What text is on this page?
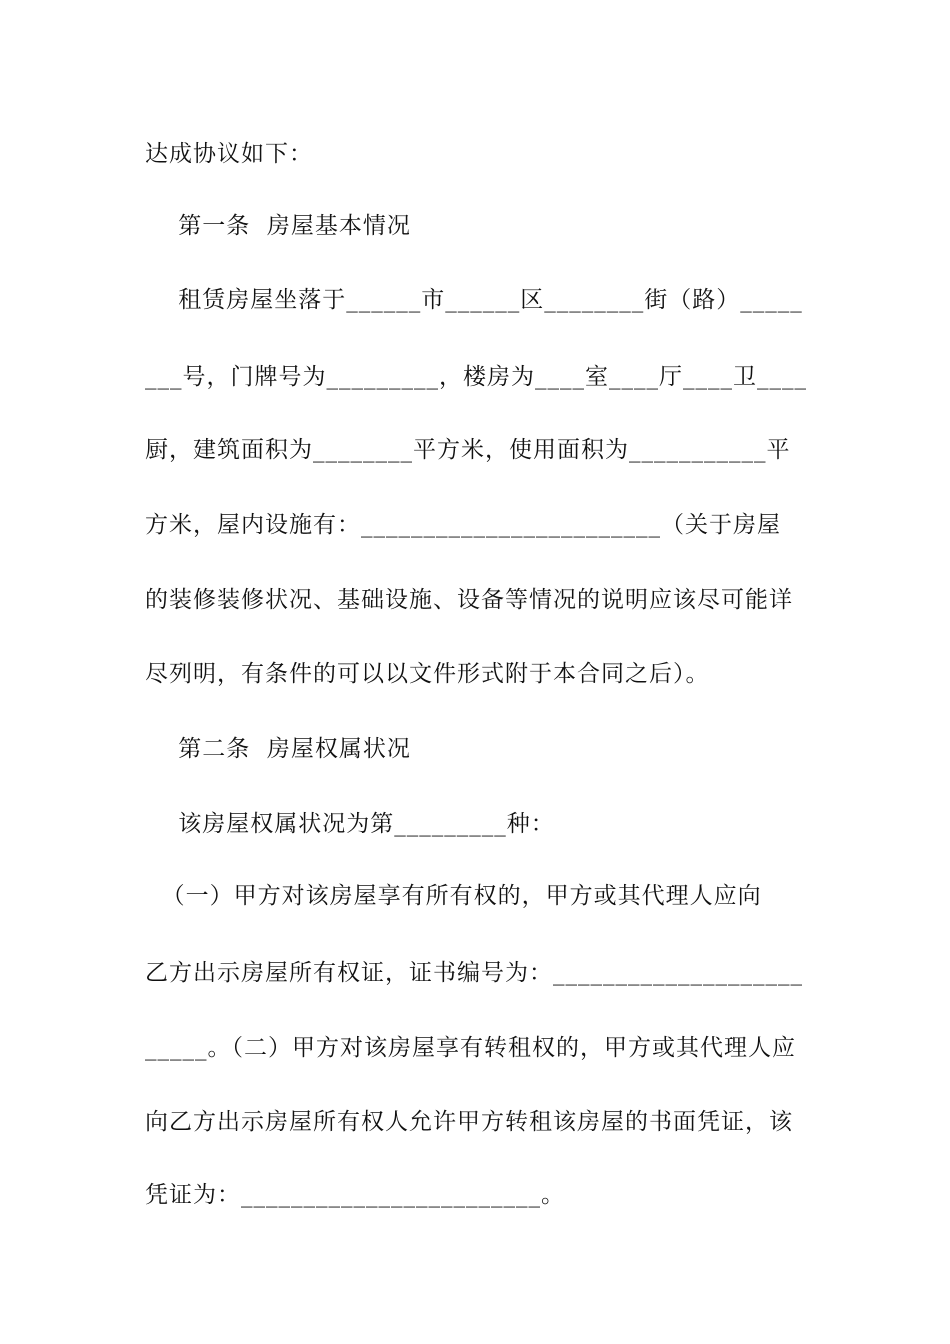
达成协议如下：
第一条  房屋基本情况
租赁房屋坐落于______市______区________街（路）_____
___号，门牌号为_________，楼房为____室____厅____卫____
厨，建筑面积为________平方米，使用面积为___________平
方米，屋内设施有：________________________（关于房屋
的装修装修状况、基础设施、设备等情况的说明应该尽可能详
尽列明，有条件的可以以文件形式附于本合同之后）。
第二条  房屋权属状况
该房屋权属状况为第_________种：
（一）甲方对该房屋享有所有权的，甲方或其代理人应向
乙方出示房屋所有权证，证书编号为：____________________
_____。（二）甲方对该房屋享有转租权的，甲方或其代理人应
向乙方出示房屋所有权人允许甲方转租该房屋的书面凭证，该
凭证为：________________________。
